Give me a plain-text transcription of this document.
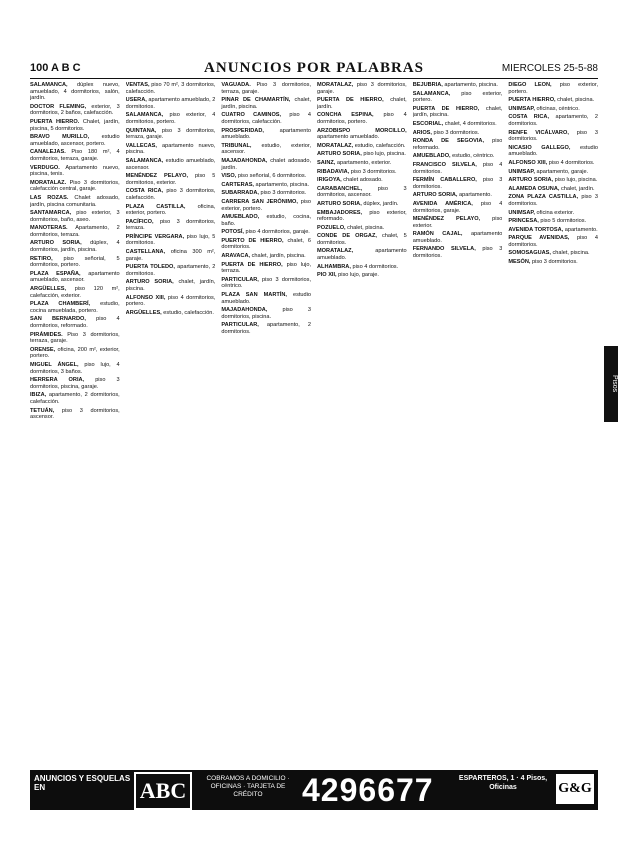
100 A B C	ANUNCIOS POR PALABRAS	MIERCOLES 25-5-88
SALAMANCA, dúplex nuevo, amueblado, 4 dormitorios, salón, jardín.
DOCTOR FLEMING, exterior, 3 dormitorios, 2 baños, calefacción.
PUERTA HIERRO. Chalet, jardín, piscina, 5 dormitorios.
BRAVO MURILLO, estudio amueblado, ascensor, portero.
CANALEJAS. Piso 180 m², 4 dormitorios, terraza, garaje.
VERDUGO. Apartamento nuevo, piscina, tenis.
MORATALAZ. Piso 3 dormitorios, calefacción central, garaje.
LAS ROZAS. Chalet adosado, jardín, piscina comunitaria.
SANTAMARCA, piso exterior, 3 dormitorios, baño, aseo.
MANOTERAS. Apartamento, 2 dormitorios, terraza.
ARTURO SORIA, dúplex, 4 dormitorios, jardín, piscina.
RETIRO, piso señorial, 5 dormitorios, portero.
PLAZA ESPAÑA, apartamento amueblado, ascensor.
ARGÜELLES, piso 120 m², calefacción, exterior.
PLAZA CHAMBERÍ, estudio, cocina amueblada, portero.
SAN BERNARDO, piso 4 dormitorios, reformado.
PIRÁMIDES. Piso 3 dormitorios, terraza, garaje.
ORENSE, oficina, 200 m², exterior, portero.
MIGUEL ÁNGEL, piso lujo, 4 dormitorios, 3 baños.
HERRERA ORIA, piso 3 dormitorios, piscina, garaje.
IBIZA, apartamento, 2 dormitorios, calefacción.
TETUÁN, piso 3 dormitorios, ascensor.
VENTAS, piso 70 m², 3 dormitorios, calefacción.
USERA, apartamento amueblado, 2 dormitorios.
SALAMANCA, piso exterior, 4 dormitorios, portero.
QUINTANA, piso 3 dormitorios, terraza, garaje.
VALLECAS, apartamento nuevo, piscina.
SALAMANCA, estudio amueblado, ascensor.
MENÉNDEZ PELAYO, piso 5 dormitorios, exterior.
COSTA RICA, piso 3 dormitorios, calefacción.
PLAZA CASTILLA, oficina, exterior, portero.
PACÍFICO, piso 3 dormitorios, terraza.
PRÍNCIPE VERGARA, piso lujo, 5 dormitorios.
CASTELLANA, oficina 300 m², garaje.
PUERTA TOLEDO, apartamento, 2 dormitorios.
ARTURO SORIA, chalet, jardín, piscina.
ALFONSO XIII, piso 4 dormitorios, portero.
ARGÜELLES, estudio, calefacción.
VAGUADA. Piso 3 dormitorios, terraza, garaje.
PINAR DE CHAMARTÍN, chalet, jardín, piscina.
CUATRO CAMINOS, piso 4 dormitorios, calefacción.
PROSPERIDAD, apartamento amueblado.
TRIBUNAL, estudio, exterior, ascensor.
MAJADAHONDA, chalet adosado, jardín.
VISO, piso señorial, 6 dormitorios.
CARTERAS, apartamento, piscina.
SUBARRADA, piso 3 dormitorios.
CARRERA SAN JERÓNIMO, piso exterior, portero.
AMUEBLADO, estudio, cocina, baño.
POTOSÍ, piso 4 dormitorios, garaje.
PUERTO DE HIERRO, chalet, 6 dormitorios.
ARAVACA, chalet, jardín, piscina.
PUERTA DE HIERRO, piso lujo, terraza.
PARTICULAR, piso 3 dormitorios, céntrico.
PLAZA SAN MARTÍN, estudio amueblado.
MAJADAHONDA, piso 3 dormitorios, piscina.
PARTICULAR, apartamento, 2 dormitorios.
MORATALAZ, piso 3 dormitorios, garaje.
PUERTA DE HIERRO, chalet, jardín.
CONCHA ESPINA, piso 4 dormitorios, portero.
ARZOBISPO MORCILLO, apartamento amueblado.
MORATALAZ, estudio, calefacción.
ARTURO SORIA, piso lujo, piscina.
SAINZ, apartamento, exterior.
RIBADAVIA, piso 3 dormitorios.
IRIGOYA, chalet adosado.
CARABANCHEL, piso 3 dormitorios, ascensor.
ARTURO SORIA, dúplex, jardín.
EMBAJADORES, piso exterior, reformado.
POZUELO, chalet, piscina.
CONDE DE ORGAZ, chalet, 5 dormitorios.
MORATALAZ, apartamento amueblado.
ALHAMBRA, piso 4 dormitorios.
PIO XII, piso lujo, garaje.
BEJUBRIA, apartamento, piscina.
SALAMANCA, piso exterior, portero.
PUERTA DE HIERRO, chalet, jardín, piscina.
ESCORIAL, chalet, 4 dormitorios.
ARIOS, piso 3 dormitorios.
RONDA DE SEGOVIA, piso reformado.
AMUEBLADO, estudio, céntrico.
FRANCISCO SILVELA, piso 4 dormitorios.
FERMÍN CABALLERO, piso 3 dormitorios.
ARTURO SORIA, apartamento.
AVENIDA AMÉRICA, piso 4 dormitorios, garaje.
MENÉNDEZ PELAYO, piso exterior.
RAMÓN CAJAL, apartamento amueblado.
FERNANDO SILVELA, piso 3 dormitorios.
DIEGO LEÓN, piso exterior, portero.
PUERTA HIERRO, chalet, piscina.
UNIMSAP, oficinas, céntrico.
COSTA RICA, apartamento, 2 dormitorios.
RENFE VICÁLVARO, piso 3 dormitorios.
NICASIO GALLEGO, estudio amueblado.
ALFONSO XIII, piso 4 dormitorios.
UNIMSAP, apartamento, garaje.
ARTURO SORIA, piso lujo, piscina.
ALAMEDA OSUNA, chalet, jardín.
ZONA PLAZA CASTILLA, piso 3 dormitorios.
UNIMSAP, oficina exterior.
PRINCESA, piso 5 dormitorios.
AVENIDA TORTOSA, apartamento.
PARQUE AVENIDAS, piso 4 dormitorios.
SOMOSAGUAS, chalet, piscina.
MESÓN, piso 3 dormitorios.
Pisos
ANUNCIOS Y ESQUELAS EN	ABC	COBRAMOS A DOMICILIO · OFICINAS · TARJETA DE CRÉDITO	4296677	ESPARTEROS, 1 · 4 Pisos, Oficinas	G&G
